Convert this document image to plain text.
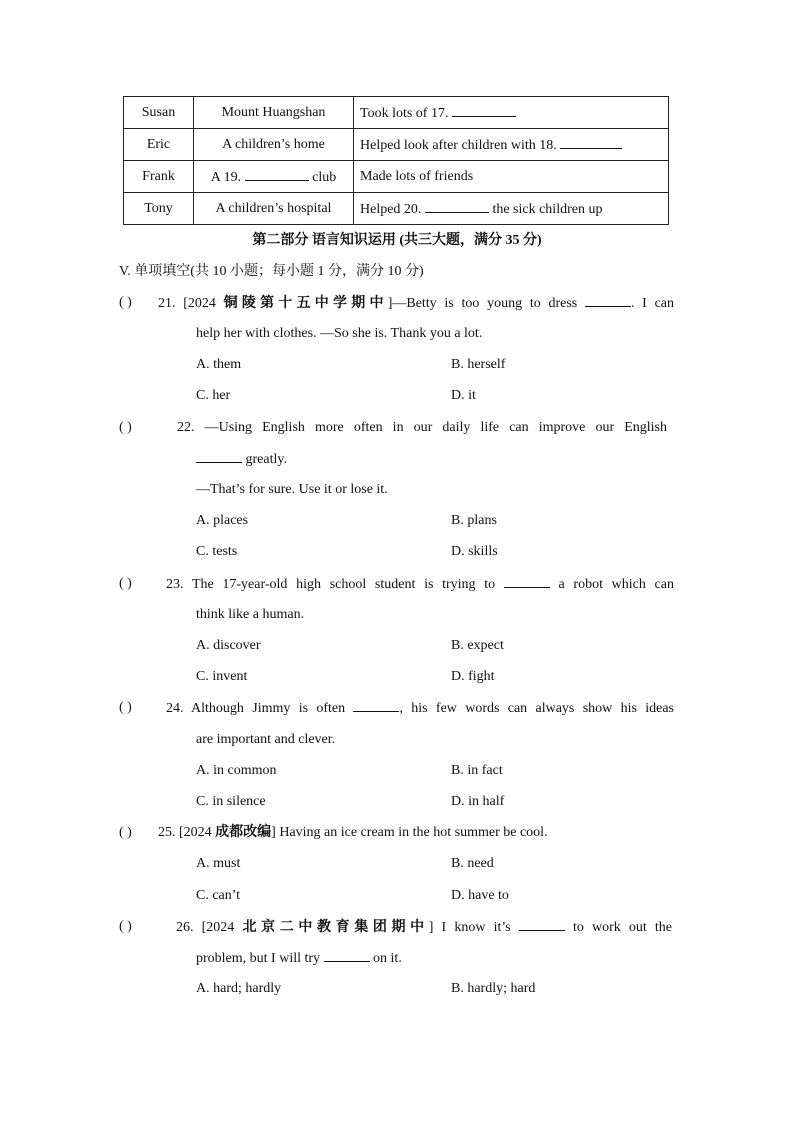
Susan	Mount Huangshan	Took lots of 17.
Eric	A children’s home	Helped look after children with 18.
Frank	A 19. club	Made lots of friends
Tony	A children’s hospital	Helped 20. the sick children up
第二部分 语言知识运用 (共三大题，满分 35 分)
V. 单项填空(共 10 小题；每小题 1 分，满分 10 分)
( ) 21. [2024 铜陵第十五中学期中]—Betty is too young to dress	. I can
help her with clothes. —So she is. Thank you a lot.
A. them	B. herself
C. her	D. it
( )	22. —Using English more often in our daily life can improve our English
greatly.
—That’s for sure. Use it or lose it.
A. places	B. plans
C. tests	D. skills
( ) 23. The 17-year-old high school student is trying to	a robot which can
think like a human.
A. discover	B. expect
C. invent	D. fight
( ) 24. Although Jimmy is often	, his few words can always show his ideas
are important and clever.
A. in common	B. in fact
C. in silence	D. in half
( ) 25. [2024 成都改编] Having an ice cream in the hot summer be cool.
A. must	B. need
C. can’t	D. have to
( )	26. [2024 北京二中教育集团期中] I know it’s	to work out the
problem, but I will try	on it.
A. hard; hardly	B. hardly; hard
